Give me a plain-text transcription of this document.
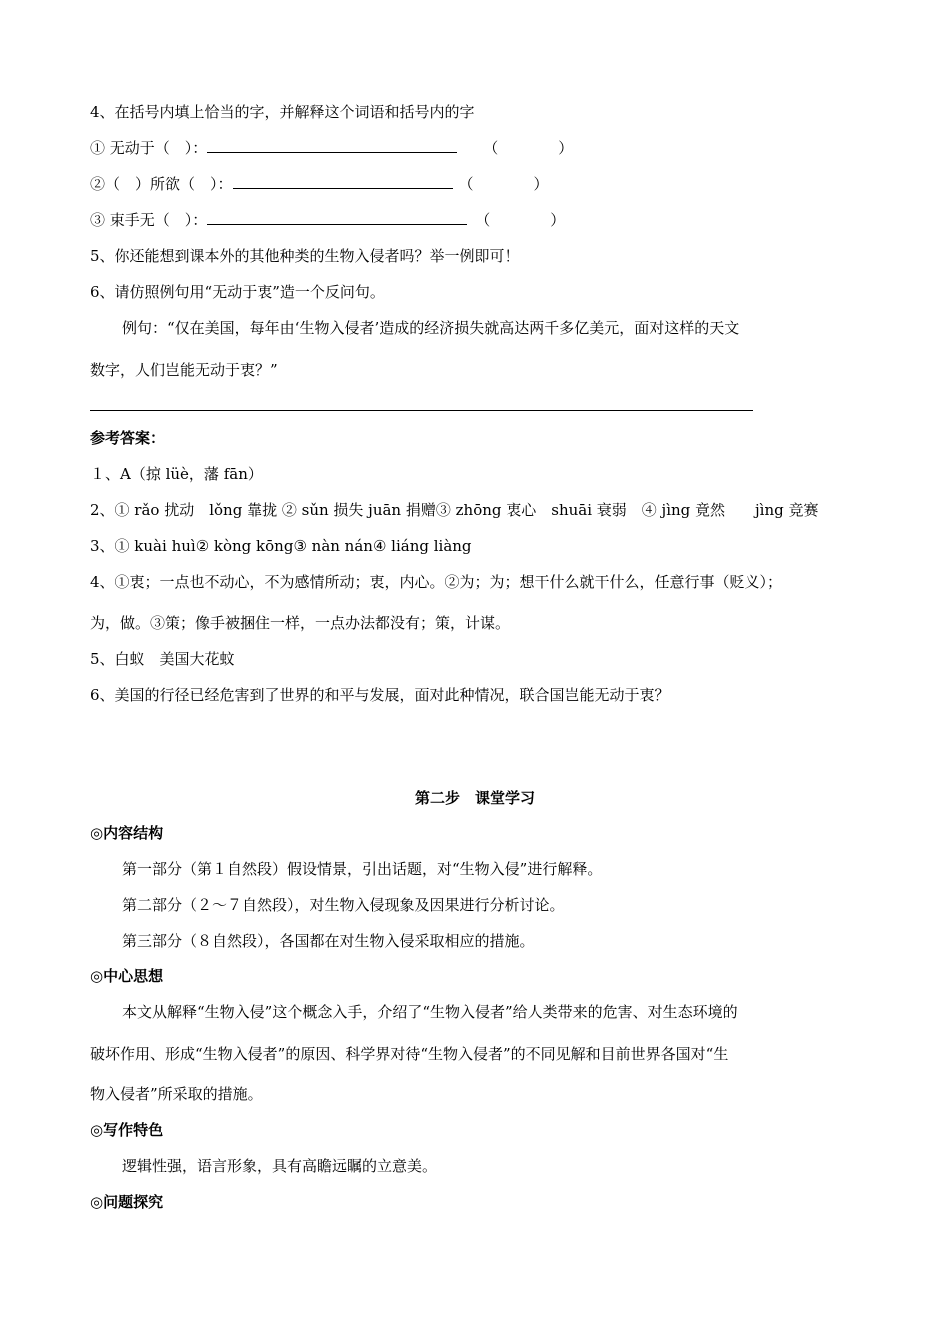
4、在括号内填上恰当的字，并解释这个词语和括号内的字
① 无动于（　）：	（　　　　）
②（　）所欲（　）：	（　　　　）
③ 束手无（　）：	（　　　　）
5、你还能想到课本外的其他种类的生物入侵者吗？举一例即可！
6、请仿照例句用“无动于衷”造一个反问句。
例句：“仅在美国，每年由‘生物入侵者’造成的经济损失就高达两千多亿美元，面对这样的天文
数字，人们岂能无动于衷？”
参考答案：
１、A（掠 lüè，藩 fān）
2、① rǎo 扰动　lǒng 靠拢 ② sǔn 损失 juān 捐赠③ zhōng 衷心　shuāi 衰弱　④ jìng 竟然　　jìng 竞赛
3、① kuài huì② kòng kōng③ nàn nán④ liáng liàng
4、①衷；一点也不动心，不为感情所动；衷，内心。②为；为；想干什么就干什么，任意行事（贬义）；
为，做。③策；像手被捆住一样，一点办法都没有；策，计谋。
5、白蚁　美国大花蚊
6、美国的行径已经危害到了世界的和平与发展，面对此种情况，联合国岂能无动于衷？
第二步　课堂学习
◎内容结构
第一部分（第１自然段）假设情景，引出话题，对“生物入侵”进行解释。
第二部分（２～７自然段），对生物入侵现象及因果进行分析讨论。
第三部分（８自然段），各国都在对生物入侵采取相应的措施。
◎中心思想
本文从解释“生物入侵”这个概念入手，介绍了“生物入侵者”给人类带来的危害、对生态环境的
破坏作用、形成“生物入侵者”的原因、科学界对待“生物入侵者”的不同见解和目前世界各国对“生
物入侵者”所采取的措施。
◎写作特色
逻辑性强，语言形象，具有高瞻远瞩的立意美。
◎问题探究
